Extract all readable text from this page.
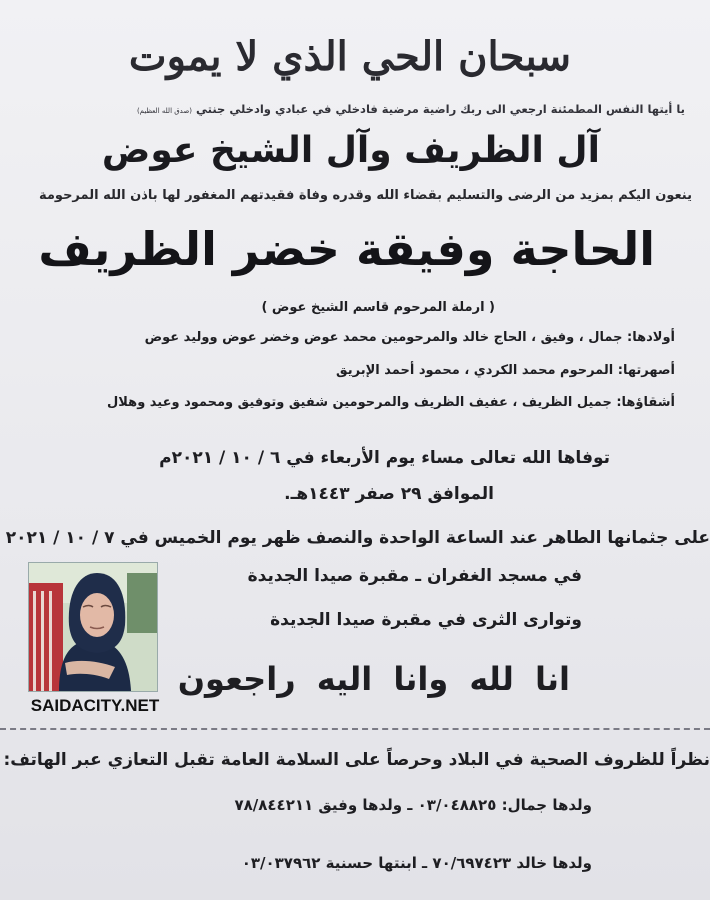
سبحان الحي الذي لا يموت
يا أيتها النفس المطمئنة ارجعي الى ربك راضية مرضية فادخلي في عبادي وادخلي جنتي (صدق الله العظيم)
آل الظريف وآل الشيخ عوض
ينعون اليكم بمزيد من الرضى والتسليم بقضاء الله وقدره وفاة فقيدتهم المغفور لها باذن الله المرحومة
الحاجة وفيقة خضر الظريف
( ارملة المرحوم قاسم الشيخ عوض )
أولادها: جمال ، وفيق ، الحاج خالد والمرحومين محمد عوض وخضر عوض ووليد عوض
أصهرتها: المرحوم محمد الكردي ، محمود أحمد الإبريق
أشقاؤها: جميل الظريف ، عفيف الظريف والمرحومين شفيق وتوفيق ومحمود وعيد وهلال
توفاها الله تعالى مساء يوم الأربعاء في ٦ / ١٠ / ٢٠٢١م
الموافق ٢٩ صفر ١٤٤٣هـ.
على جثمانها الطاهر عند الساعة الواحدة والنصف ظهر يوم الخميس في ٧ / ١٠ / ٢٠٢١
في مسجد الغفران ـ مقبرة صيدا الجديدة
وتوارى الثرى في مقبرة صيدا الجديدة
انا لله وانا اليه راجعون
نظراً للظروف الصحية في البلاد وحرصاً على السلامة العامة تقبل التعازي عبر الهاتف:
ولدها جمال: ٠٣/٠٤٨٨٢٥ ـ ولدها وفيق ٧٨/٨٤٤٢١١
ولدها خالد ٧٠/٦٩٧٤٢٣ ـ ابنتها حسنية ٠٣/٠٣٧٩٦٢
SAIDACITY.NET
